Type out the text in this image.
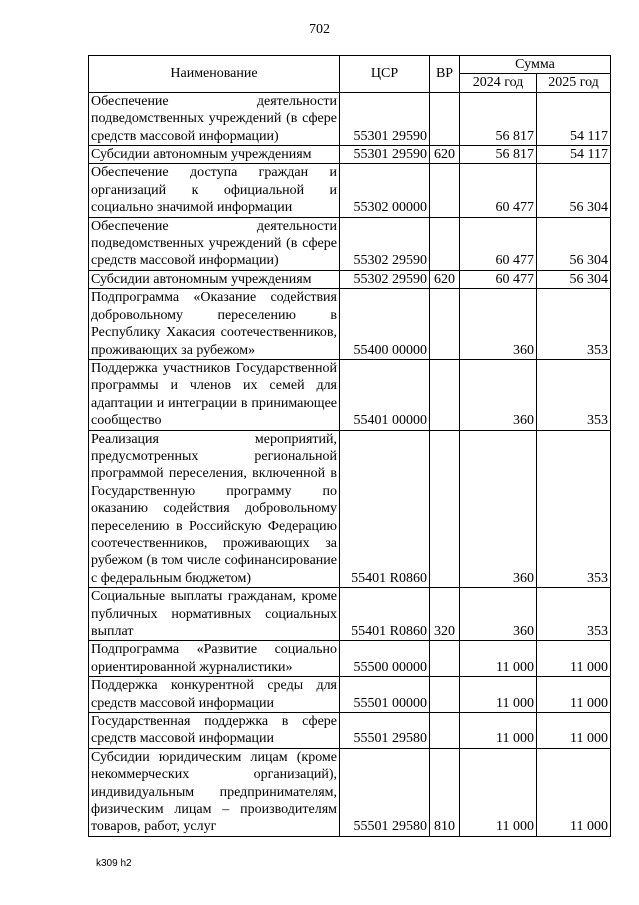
702
Наименование	ЦСР	ВР	Сумма	
			2024 год	2025 год
Обеспечение деятельности подведомственных учреждений (в сфере средств массовой информации)	55301 29590		56 817	54 117
Субсидии автономным учреждениям	55301 29590	620	56 817	54 117
Обеспечение доступа граждан и организаций к официальной и социально значимой информации	55302 00000		60 477	56 304
Обеспечение деятельности подведомственных учреждений (в сфере средств массовой информации)	55302 29590		60 477	56 304
Субсидии автономным учреждениям	55302 29590	620	60 477	56 304
Подпрограмма «Оказание содействия добровольному переселению в Республику Хакасия соотечественников, проживающих за рубежом»	55400 00000		360	353
Поддержка участников Государственной программы и членов их семей для адаптации и интеграции в принимающее сообщество	55401 00000		360	353
Реализация мероприятий, предусмотренных региональной программой переселения, включенной в Государственную программу по оказанию содействия добровольному переселению в Российскую Федерацию соотечественников, проживающих за рубежом (в том числе софинансирование с федеральным бюджетом)	55401 R0860		360	353
Социальные выплаты гражданам, кроме публичных нормативных социальных выплат	55401 R0860	320	360	353
Подпрограмма «Развитие социально ориентированной журналистики»	55500 00000		11 000	11 000
Поддержка конкурентной среды для средств массовой информации	55501 00000		11 000	11 000
Государственная поддержка в сфере средств массовой информации	55501 29580		11 000	11 000
Субсидии юридическим лицам (кроме некоммерческих организаций), индивидуальным предпринимателям, физическим лицам – производителям товаров, работ, услуг	55501 29580	810	11 000	11 000
k309 h2
